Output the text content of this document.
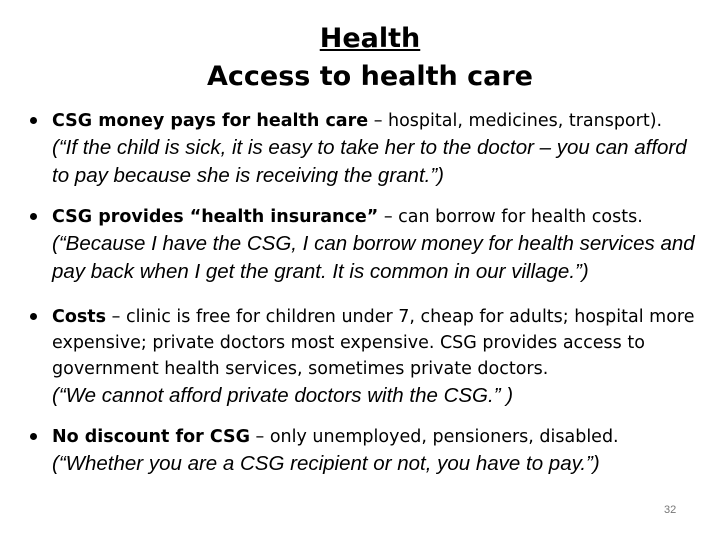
Health
Access to health care
CSG money pays for health care – hospital, medicines, transport).

(“If the child is sick, it is easy to take her to the doctor – you can afford to pay because she is receiving the grant.”)

CSG provides “health insurance” – can borrow for health costs.

(“Because I have the CSG, I can borrow money for health services and pay back when I get the grant. It is common in our village.”)

Costs – clinic is free for children under 7, cheap for adults; hospital more expensive; private doctors most expensive. CSG provides access to government health services, sometimes private doctors.

(“We cannot afford private doctors with the CSG.” )

No discount for CSG – only unemployed, pensioners, disabled.

(“Whether you are a CSG recipient or not, you have to pay.”)

32
